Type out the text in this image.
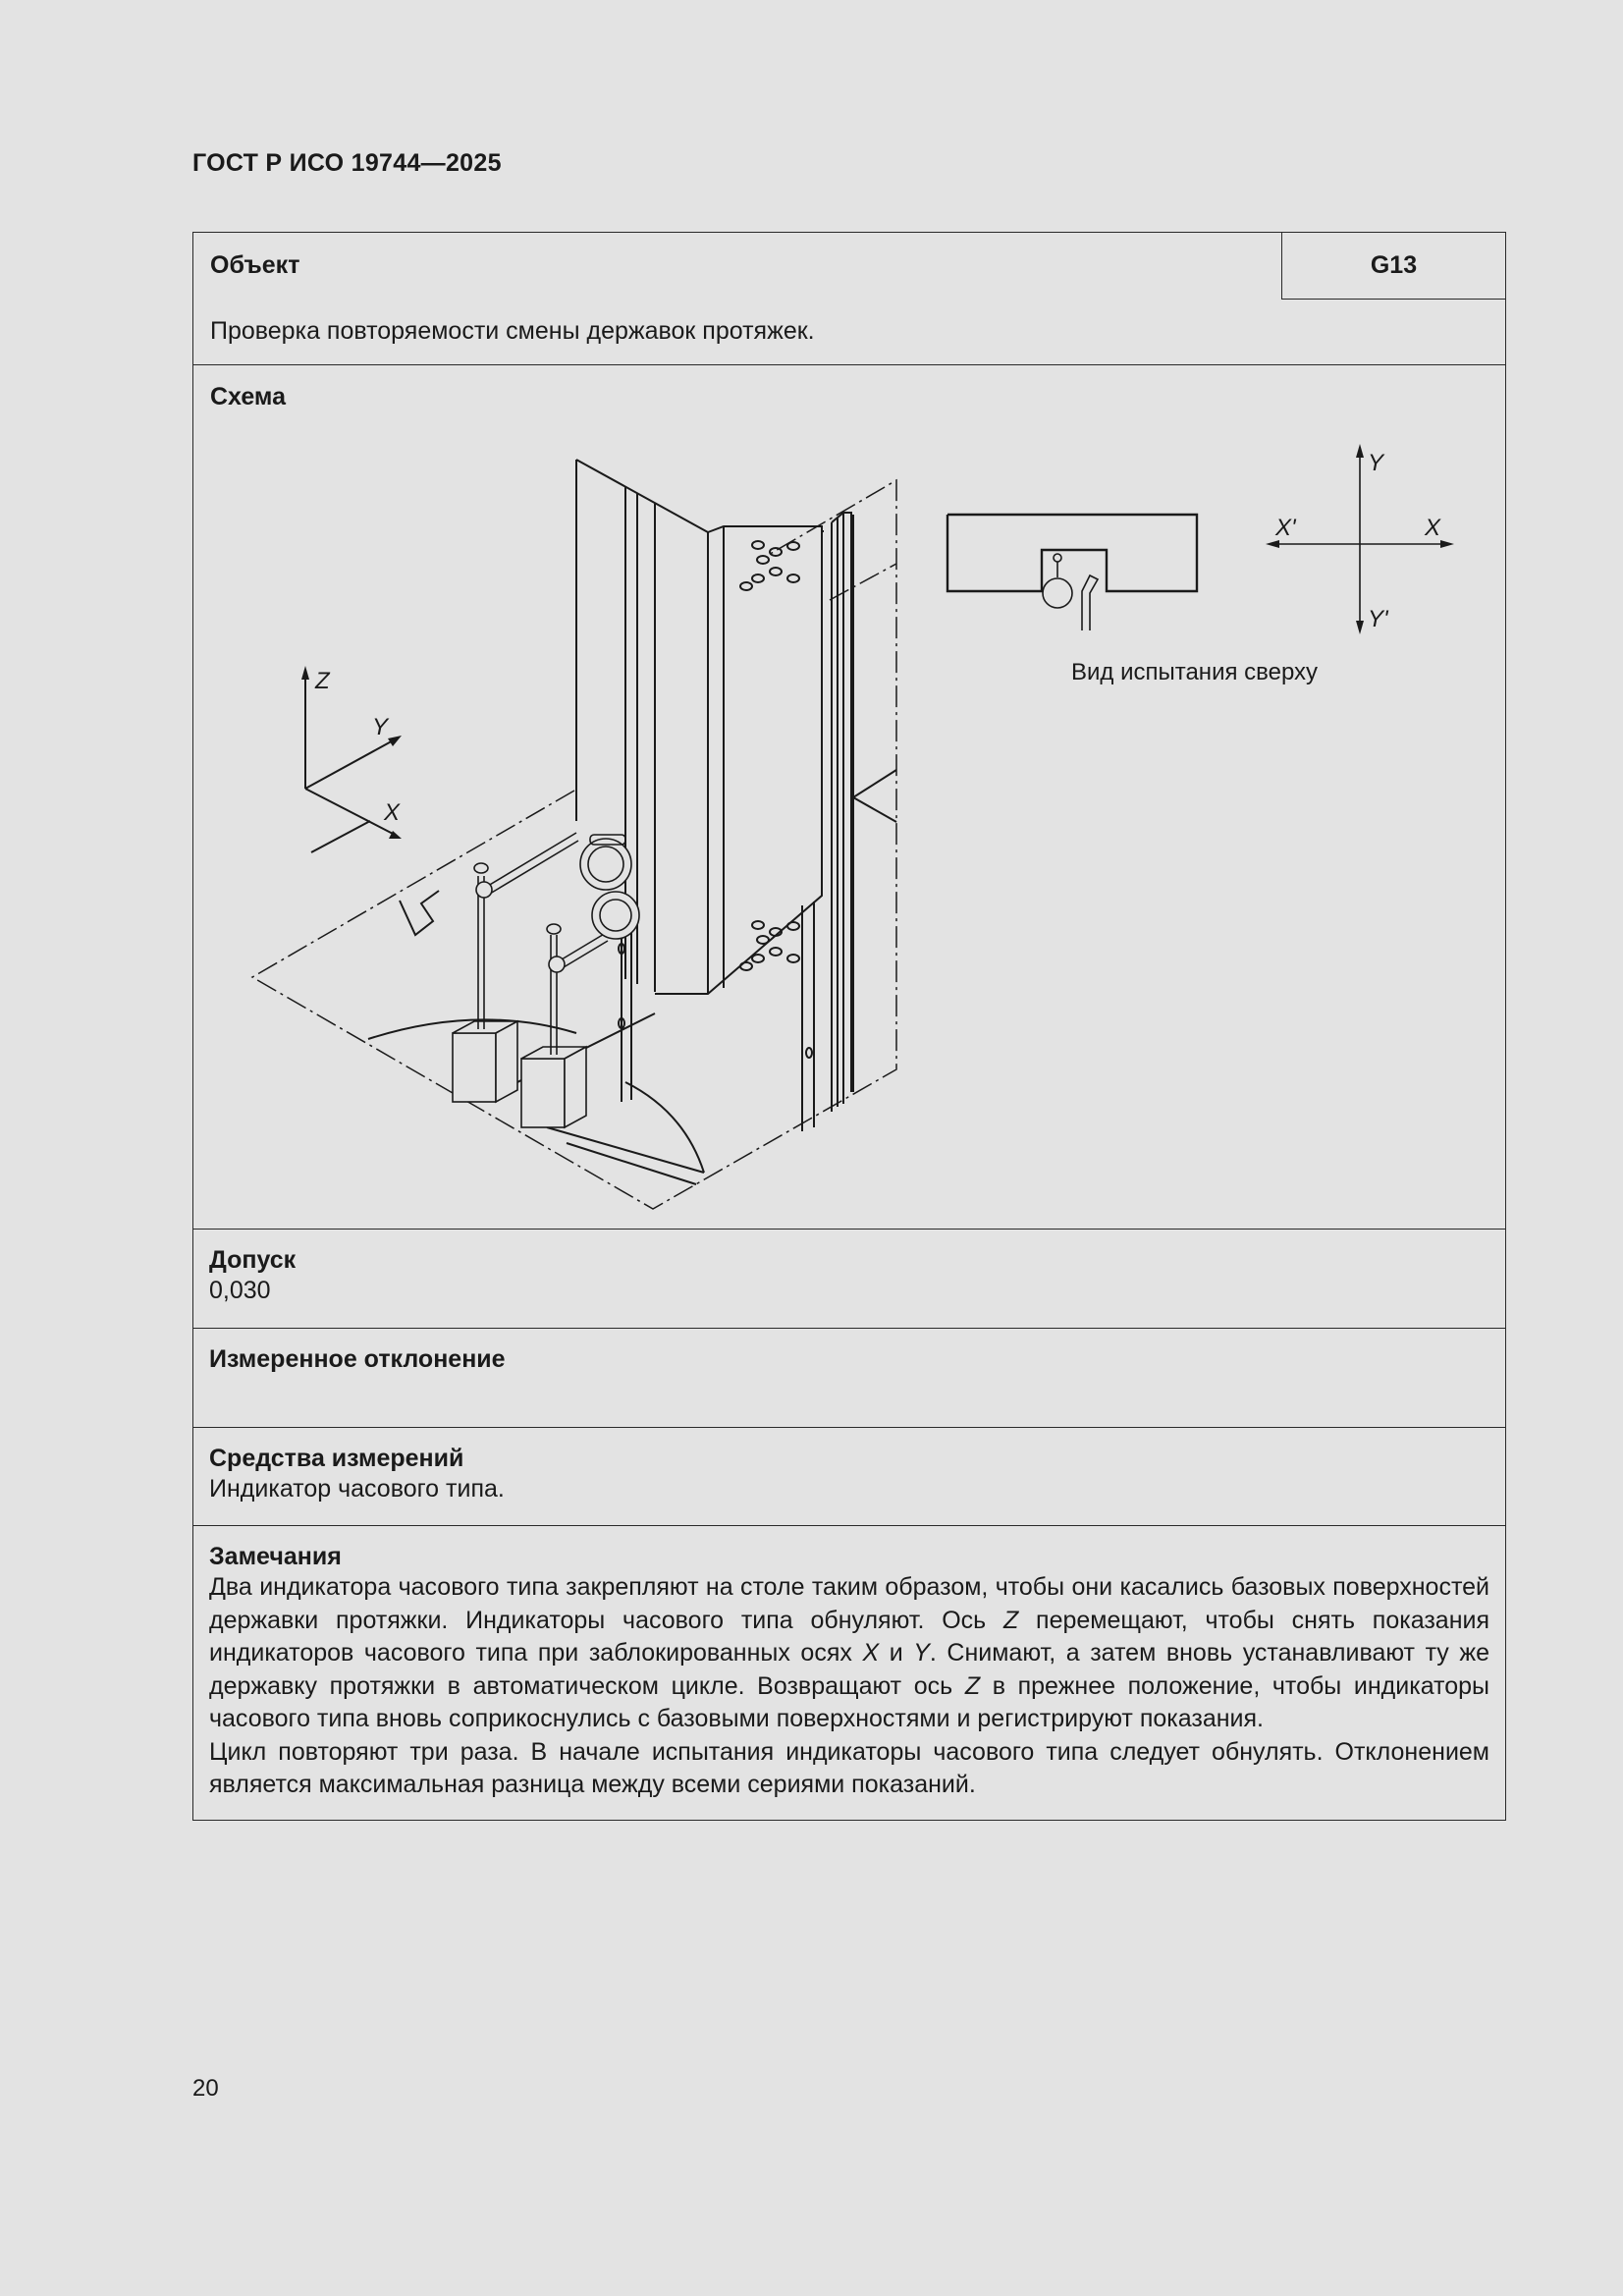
ГОСТ Р ИСО 19744—2025
Объект	G13
Проверка повторяемости смены державок протяжек.
Схема
Z
Y
X
Y
Y'
X
X'
Вид испытания сверху
Допуск
0,030
Измеренное отклонение
Средства измерений
Индикатор часового типа.
Замечания

Два индикатора часового типа закрепляют на столе таким образом, чтобы они касались базовых поверхностей державки протяжки. Индикаторы часового типа обнуляют. Ось Z перемещают, чтобы снять показания индикаторов часового типа при заблокированных осях X и Y. Снимают, а затем вновь устанавливают ту же державку протяжки в автоматическом цикле. Возвращают ось Z в прежнее положение, чтобы индикаторы часового типа вновь соприкоснулись с базовыми поверхностями и регистрируют показания.

Цикл повторяют три раза. В начале испытания индикаторы часового типа следует обнулять. Отклонением является максимальная разница между всеми сериями показаний.

20
